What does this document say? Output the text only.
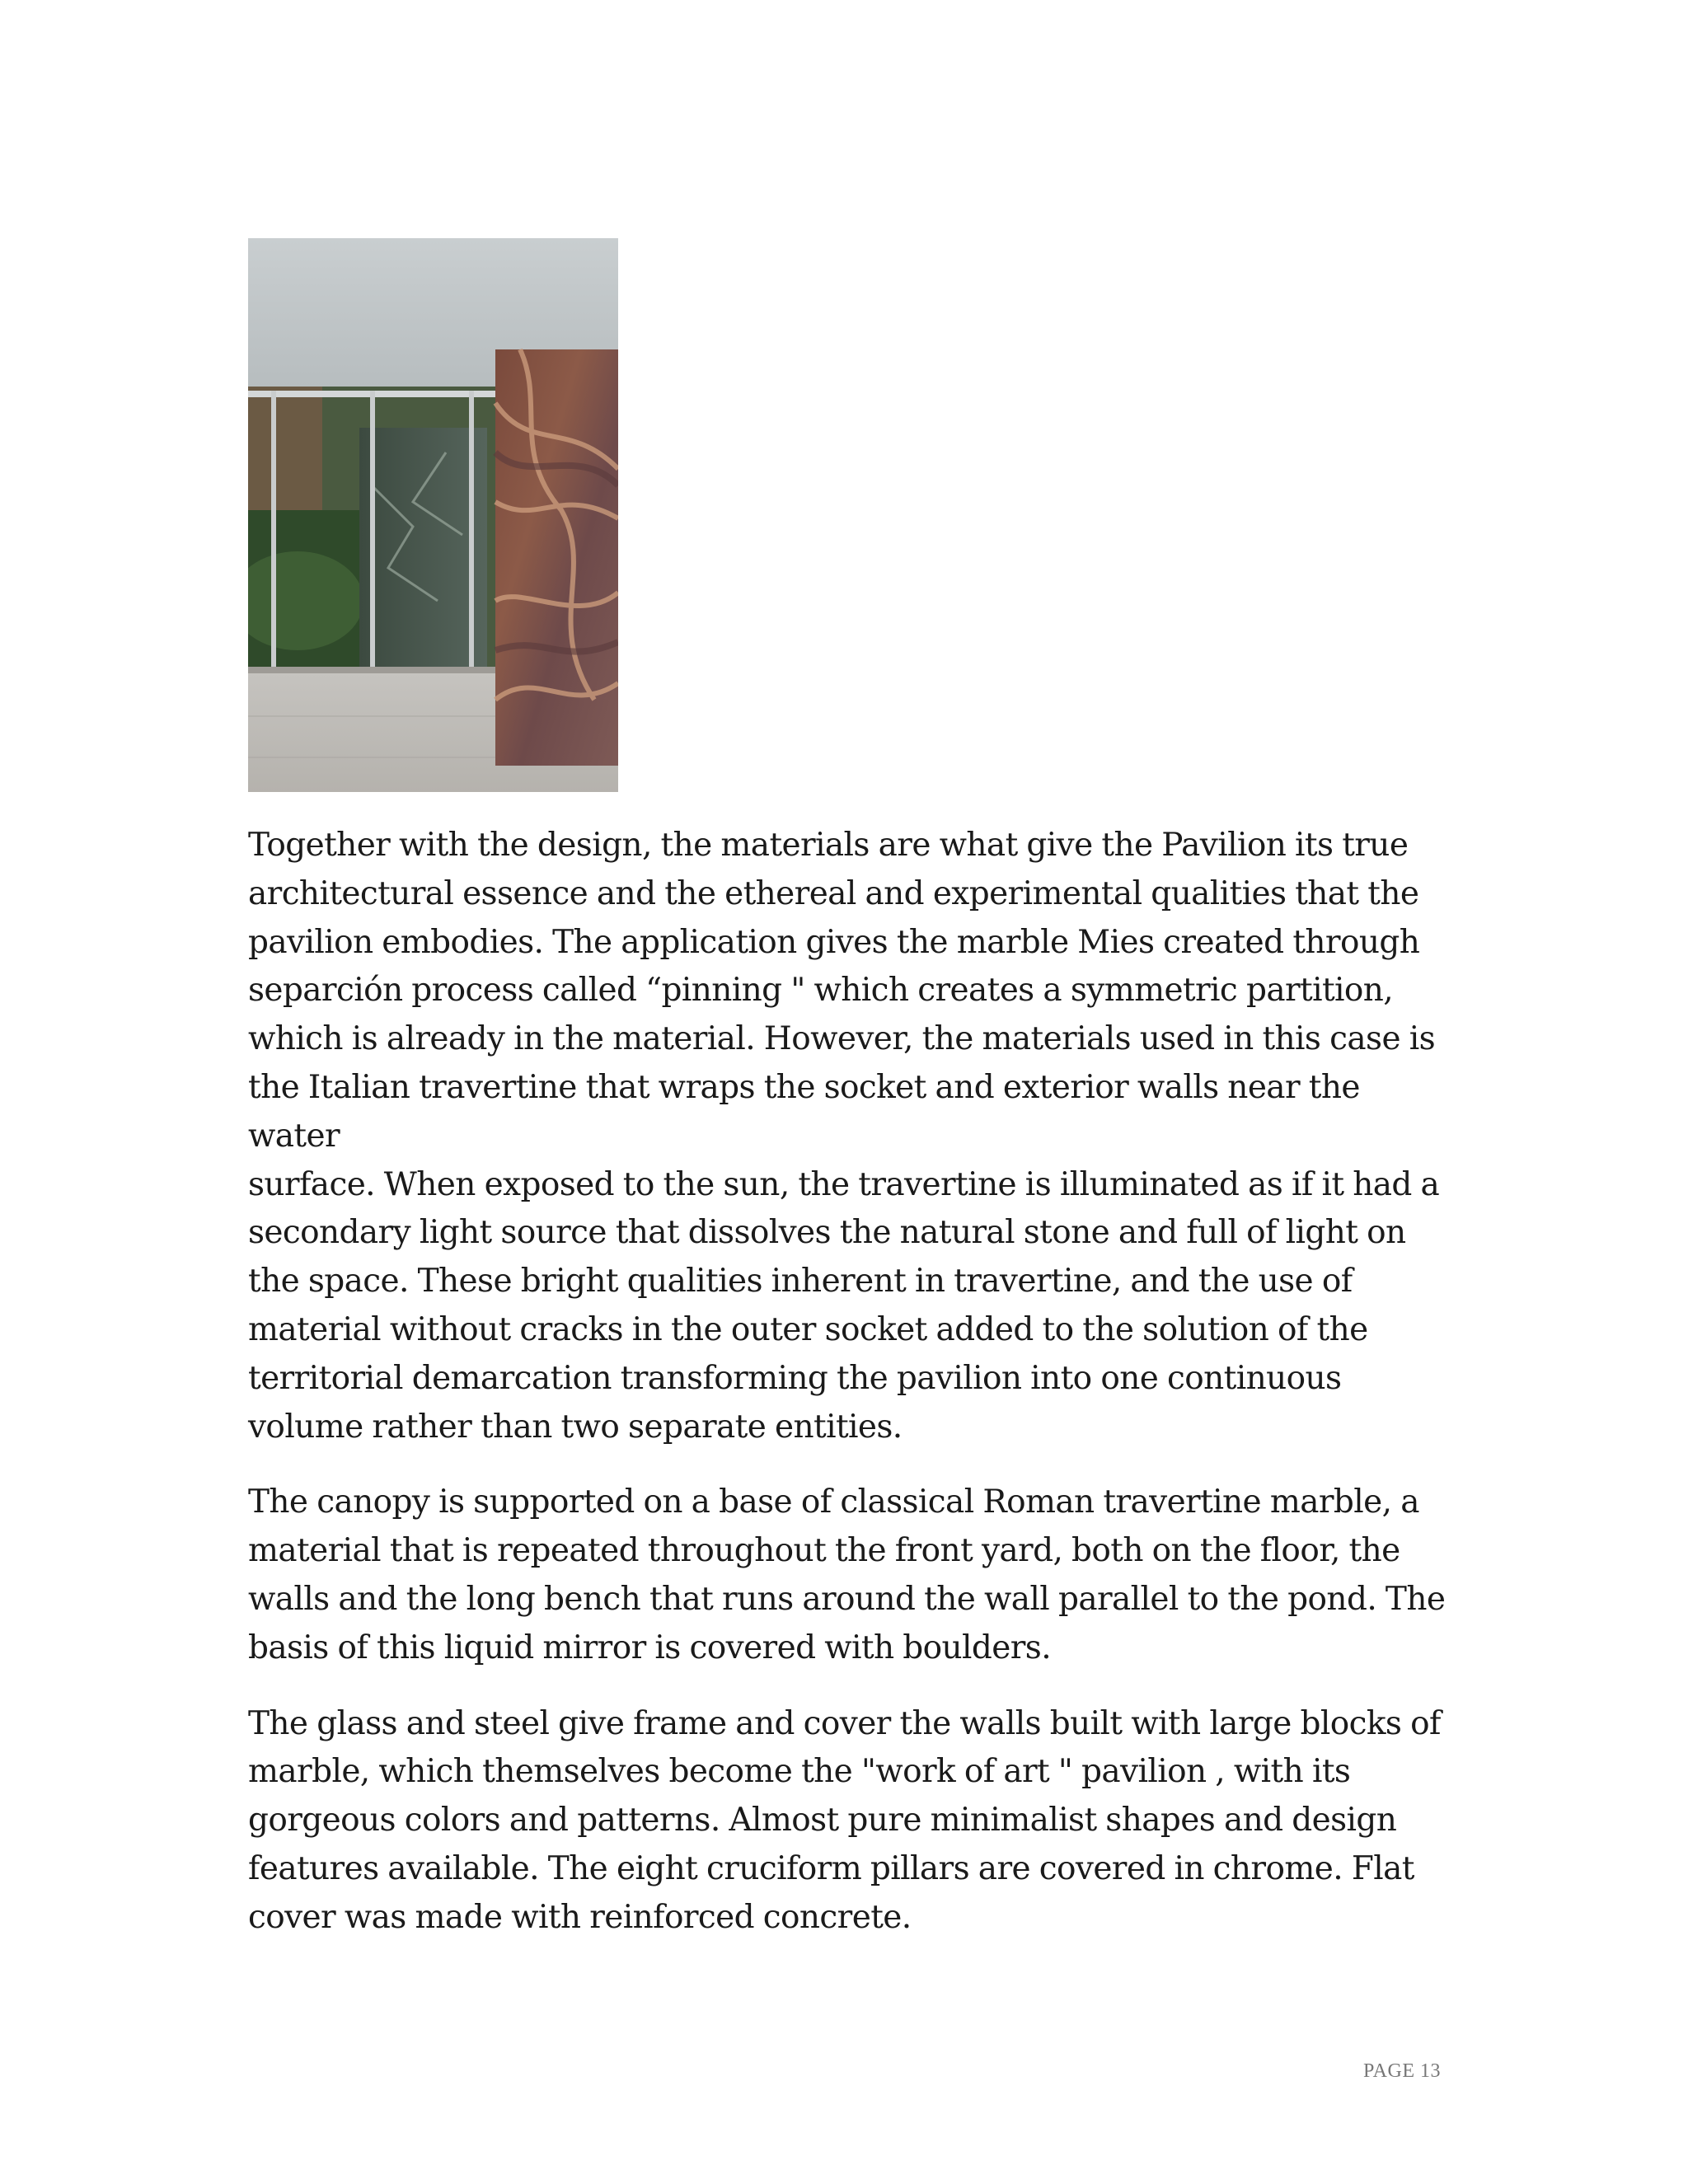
Together with the design, the materials are what give the Pavilion its true
architectural essence and the ethereal and experimental qualities that the
pavilion embodies. The application gives the marble Mies created through
separción process called “pinning " which creates a symmetric partition,
which is already in the material. However, the materials used in this case is
the Italian travertine that wraps the socket and exterior walls near the water
surface. When exposed to the sun, the travertine is illuminated as if it had a
secondary light source that dissolves the natural stone and full of light on
the space. These bright qualities inherent in travertine, and the use of
material without cracks in the outer socket added to the solution of the
territorial demarcation transforming the pavilion into one continuous
volume rather than two separate entities.

The canopy is supported on a base of classical Roman travertine marble, a
material that is repeated throughout the front yard, both on the floor, the
walls and the long bench that runs around the wall parallel to the pond. The
basis of this liquid mirror is covered with boulders.

The glass and steel give frame and cover the walls built with large blocks of
marble, which themselves become the "work of art " pavilion , with its
gorgeous colors and patterns. Almost pure minimalist shapes and design
features available. The eight cruciform pillars are covered in chrome. Flat
cover was made with reinforced concrete.

PAGE 13
